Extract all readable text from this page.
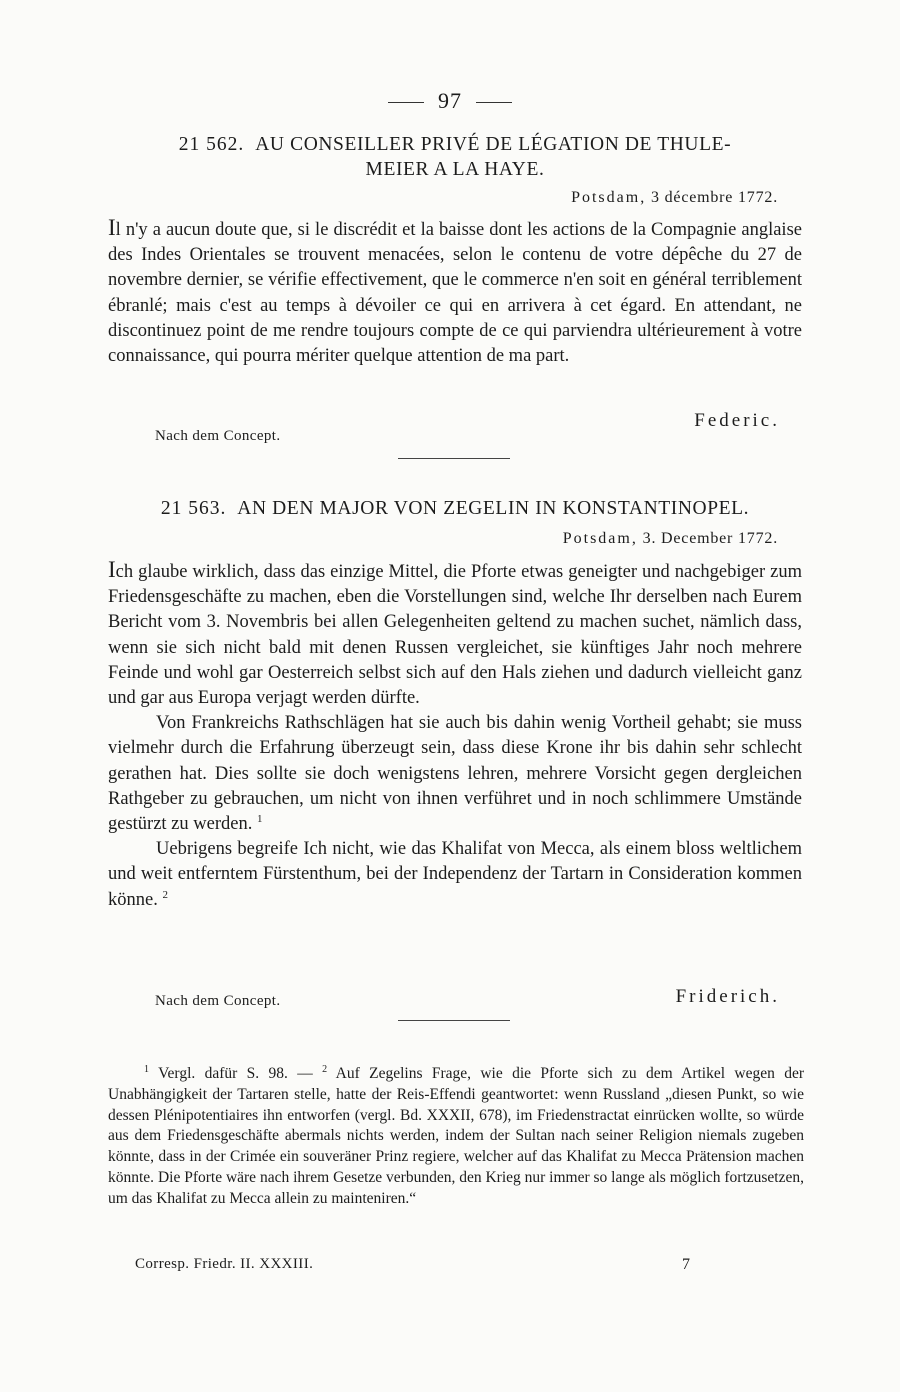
97
21 562. AU CONSEILLER PRIVÉ DE LÉGATION DE THULE-
MEIER A LA HAYE.
Potsdam, 3 décembre 1772.

Il n'y a aucun doute que, si le discrédit et la baisse dont les actions de la Compagnie anglaise des Indes Orientales se trouvent menacées, selon le contenu de votre dépêche du 27 de novembre dernier, se vérifie effectivement, que le commerce n'en soit en général terriblement ébranlé; mais c'est au temps à dévoiler ce qui en arrivera à cet égard. En attendant, ne discontinuez point de me rendre toujours compte de ce qui parviendra ultérieurement à votre connaissance, qui pourra mériter quelque attention de ma part.

Federic.
Nach dem Concept.
21 563. AN DEN MAJOR VON ZEGELIN IN KONSTANTINOPEL.
Potsdam, 3. December 1772.

Ich glaube wirklich, dass das einzige Mittel, die Pforte etwas geneigter und nachgebiger zum Friedensgeschäfte zu machen, eben die Vorstellungen sind, welche Ihr derselben nach Eurem Bericht vom 3. Novembris bei allen Gelegenheiten geltend zu machen suchet, nämlich dass, wenn sie sich nicht bald mit denen Russen vergleichet, sie künftiges Jahr noch mehrere Feinde und wohl gar Oesterreich selbst sich auf den Hals ziehen und dadurch vielleicht ganz und gar aus Europa verjagt werden dürfte.

Von Frankreichs Rathschlägen hat sie auch bis dahin wenig Vortheil gehabt; sie muss vielmehr durch die Erfahrung überzeugt sein, dass diese Krone ihr bis dahin sehr schlecht gerathen hat. Dies sollte sie doch wenigstens lehren, mehrere Vorsicht gegen dergleichen Rathgeber zu gebrauchen, um nicht von ihnen verführet und in noch schlimmere Umstände gestürzt zu werden. $^1$

Uebrigens begreife Ich nicht, wie das Khalifat von Mecca, als einem bloss weltlichem und weit entferntem Fürstenthum, bei der Independenz der Tartarn in Consideration kommen könne. $^2$

Friderich.
Nach dem Concept.

$^1$ Vergl. dafür S. 98. — $^2$ Auf Zegelins Frage, wie die Pforte sich zu dem Artikel wegen der Unabhängigkeit der Tartaren stelle, hatte der Reis-Effendi geantwortet: wenn Russland „diesen Punkt, so wie dessen Plénipotentiaires ihn entworfen (vergl. Bd. XXXII, 678), im Friedenstractat einrücken wollte, so würde aus dem Friedensgeschäfte abermals nichts werden, indem der Sultan nach seiner Religion niemals zugeben könnte, dass in der Crimée ein souveräner Prinz regiere, welcher auf das Khalifat zu Mecca Prätension machen könnte. Die Pforte wäre nach ihrem Gesetze verbunden, den Krieg nur immer so lange als möglich fortzusetzen, um das Khalifat zu Mecca allein zu mainteniren.“

Corresp. Friedr. II. XXXIII.	7
